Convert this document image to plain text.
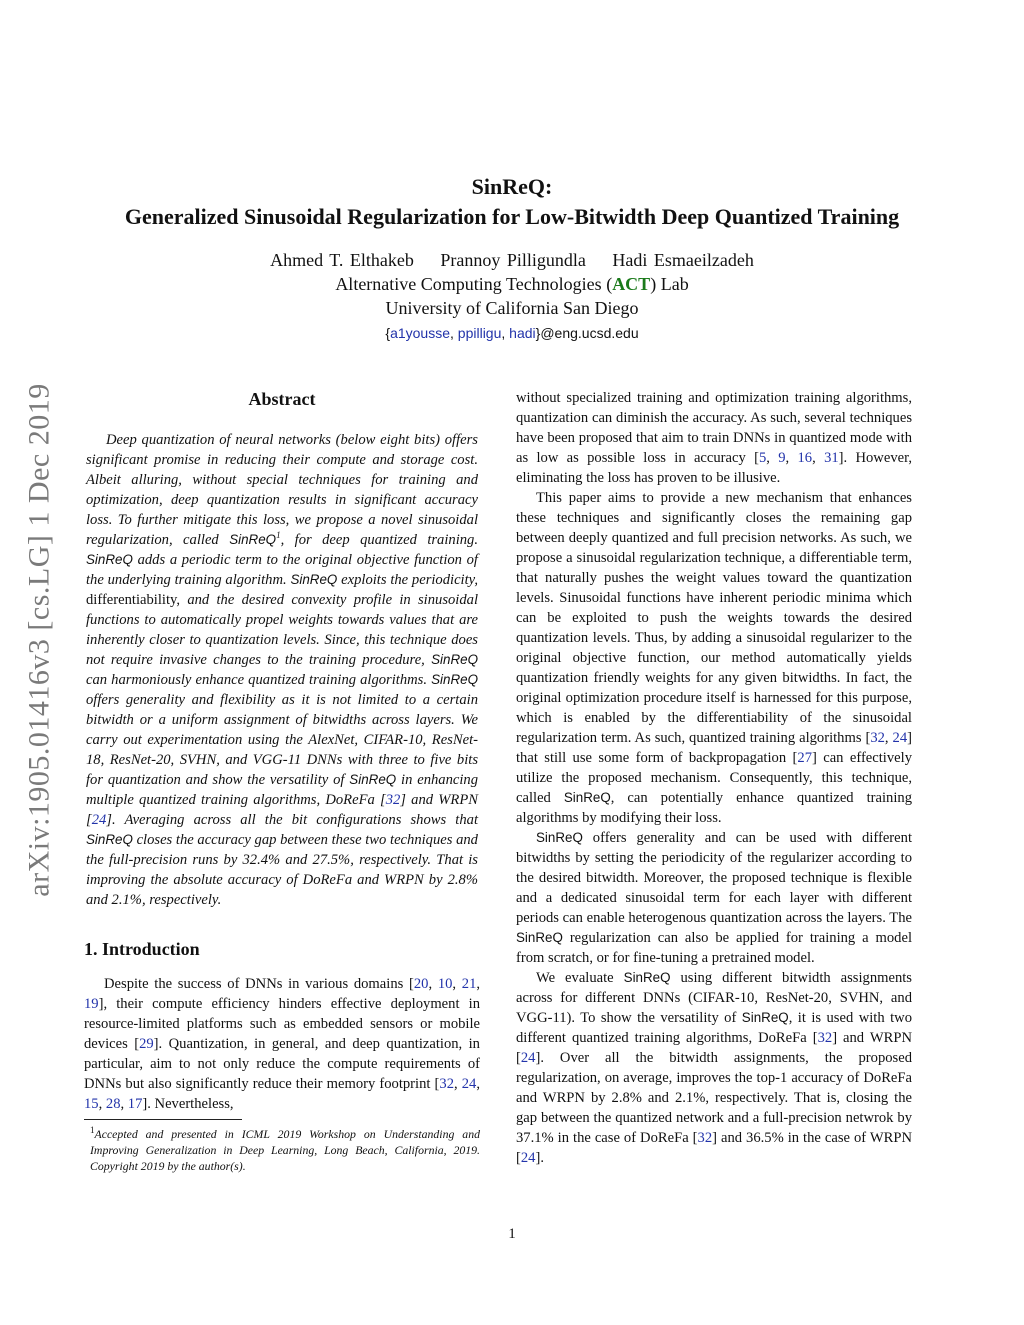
arXiv:1905.01416v3 [cs.LG] 1 Dec 2019
SinReQ:
Generalized Sinusoidal Regularization for Low-Bitwidth Deep Quantized Training
Ahmed T. Elthakeb Prannoy Pilligundla Hadi Esmaeilzadeh
Alternative Computing Technologies (ACT) Lab
University of California San Diego
{a1yousse, ppilligu, hadi}@eng.ucsd.edu
Abstract

Deep quantization of neural networks (below eight bits) offers significant promise in reducing their compute and storage cost. Albeit alluring, without special techniques for training and optimization, deep quantization results in significant accuracy loss. To further mitigate this loss, we propose a novel sinusoidal regularization, called SinReQ$^1$, for deep quantized training. SinReQ adds a periodic term to the original objective function of the underlying training algorithm. SinReQ exploits the periodicity, differentiability, and the desired convexity profile in sinusoidal functions to automatically propel weights towards values that are inherently closer to quantization levels. Since, this technique does not require invasive changes to the training procedure, SinReQ can harmoniously enhance quantized training algorithms. SinReQ offers generality and flexibility as it is not limited to a certain bitwidth or a uniform assignment of bitwidths across layers. We carry out experimentation using the AlexNet, CIFAR-10, ResNet-18, ResNet-20, SVHN, and VGG-11 DNNs with three to five bits for quantization and show the versatility of SinReQ in enhancing multiple quantized training algorithms, DoReFa [32] and WRPN [24]. Averaging across all the bit configurations shows that SinReQ closes the accuracy gap between these two techniques and the full-precision runs by 32.4% and 27.5%, respectively. That is improving the absolute accuracy of DoReFa and WRPN by 2.8% and 2.1%, respectively.

1. Introduction

Despite the success of DNNs in various domains [20, 10, 21, 19], their compute efficiency hinders effective deployment in resource-limited platforms such as embedded sensors or mobile devices [29]. Quantization, in general, and deep quantization, in particular, aim to not only reduce the compute requirements of DNNs but also significantly reduce their memory footprint [32, 24, 15, 28, 17]. Nevertheless,

$^1$Accepted and presented in ICML 2019 Workshop on Understanding and Improving Generalization in Deep Learning, Long Beach, California, 2019. Copyright 2019 by the author(s).

without specialized training and optimization training algorithms, quantization can diminish the accuracy. As such, several techniques have been proposed that aim to train DNNs in quantized mode with as low as possible loss in accuracy [5, 9, 16, 31]. However, eliminating the loss has proven to be illusive.

This paper aims to provide a new mechanism that enhances these techniques and significantly closes the remaining gap between deeply quantized and full precision networks. As such, we propose a sinusoidal regularization technique, a differentiable term, that naturally pushes the weight values toward the quantization levels. Sinusoidal functions have inherent periodic minima which can be exploited to push the weights towards the desired quantization levels. Thus, by adding a sinusoidal regularizer to the original objective function, our method automatically yields quantization friendly weights for any given bitwidths. In fact, the original optimization procedure itself is harnessed for this purpose, which is enabled by the differentiability of the sinusoidal regularization term. As such, quantized training algorithms [32, 24] that still use some form of backpropagation [27] can effectively utilize the proposed mechanism. Consequently, this technique, called SinReQ, can potentially enhance quantized training algorithms by modifying their loss.

SinReQ offers generality and can be used with different bitwidths by setting the periodicity of the regularizer according to the desired bitwidth. Moreover, the proposed technique is flexible and a dedicated sinusoidal term for each layer with different periods can enable heterogenous quantization across the layers. The SinReQ regularization can also be applied for training a model from scratch, or for fine-tuning a pretrained model.

We evaluate SinReQ using different bitwidth assignments across for different DNNs (CIFAR-10, ResNet-20, SVHN, and VGG-11). To show the versatility of SinReQ, it is used with two different quantized training algorithms, DoReFa [32] and WRPN [24]. Over all the bitwidth assignments, the proposed regularization, on average, improves the top-1 accuracy of DoReFa and WRPN by 2.8% and 2.1%, respectively. That is, closing the gap between the quantized network and a full-precision netwrok by 37.1% in the case of DoReFa [32] and 36.5% in the case of WRPN [24].

1
